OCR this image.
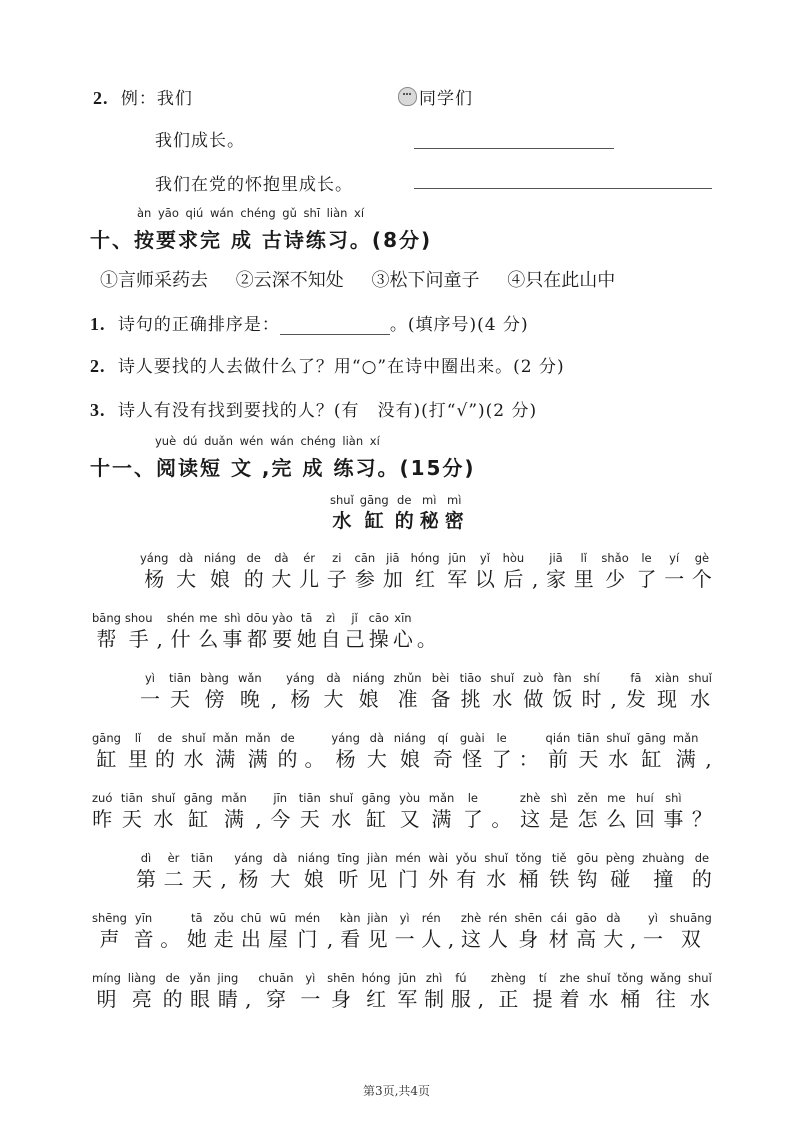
2. 例：我们	同学们
我们成长。
我们在党的怀抱里成长。
àn yāo qiú wán chéng gǔ shī liàn xí
十、按要求完 成 古诗练习。(8分)
①言师采药去 ②云深不知处 ③松下问童子 ④只在此山中
1. 诗句的正确排序是：	。(填序号)(4 分)
2. 诗人要找的人去做什么了？用“○”在诗中圈出来。(2 分)
3. 诗人有没有找到要找的人？(有　没有)(打“√”)(2 分)
yuè dú duǎn wén wán chéng liàn xí
十一、阅读短 文 ,完 成 练习。(15分)
shuǐ
水
gāng
缸
de
的
mì
秘
mì
密
yáng
杨
dà
大
niáng
娘
de
的
dà
大
ér
儿
zi
子
cān
参
jiā
加
hóng
红
jūn
军
yǐ
以
hòu
后 ,
jiā
家
lǐ
里
shǎo
少
le
了
yí
一
gè
个
bāng
帮
shou
手 ,
shén
什
me
么
shì
事
dōu
都
yào
要
tā
她
zì
自
jǐ
己
cāo
操
xīn
心 。
yì
一
tiān
天
bàng
傍
wǎn
晚 ,
yáng
杨
dà
大
niáng
娘
zhǔn
准
bèi
备
tiāo
挑
shuǐ
水
zuò
做
fàn
饭
shí
时 ,
fā
发
xiàn
现
shuǐ
水
gāng
缸
lǐ
里
de
的
shuǐ
水
mǎn
满
mǎn
满
de
的 。
yáng
杨
dà
大
niáng
娘
qí
奇
guài
怪
le
了 ：
qián
前
tiān
天
shuǐ
水
gāng
缸
mǎn
满 ,
zuó
昨
tiān
天
shuǐ
水
gāng
缸
mǎn
满 ,
jīn
今
tiān
天
shuǐ
水
gāng
缸
yòu
又
mǎn
满
le
了 。
zhè
这
shì
是
zěn
怎
me
么
huí
回
shì
事 ？
dì
第
èr
二
tiān
天 ,
yáng
杨
dà
大
niáng
娘
tīng
听
jiàn
见
mén
门
wài
外
yǒu
有
shuǐ
水
tǒng
桶
tiě
铁
gōu
钩
pèng
碰
zhuàng
撞
de
的
shēng
声
yīn
音 。
tā
她
zǒu
走
chū
出
wū
屋
mén
门 ,
kàn
看
jiàn
见
yì
一
rén
人 ,
zhè
这
rén
人
shēn
身
cái
材
gāo
高
dà
大 ,
yì
一
shuāng
双
míng
明
liàng
亮
de
的
yǎn
眼
jing
睛 ,
chuān
穿
yì
一
shēn
身
hóng
红
jūn
军
zhì
制
fú
服 ,
zhèng
正
tí
提
zhe
着
shuǐ
水
tǒng
桶
wǎng
往
shuǐ
水
第3页,共4页
